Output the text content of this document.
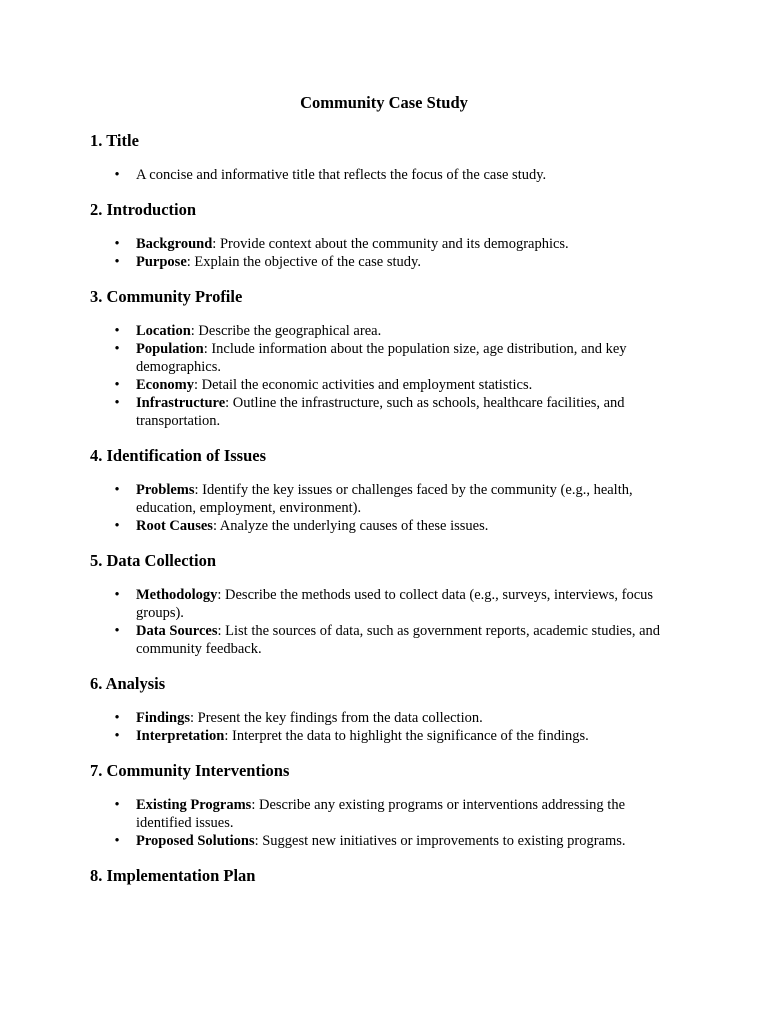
Community Case Study
1. Title
• A concise and informative title that reflects the focus of the case study.
2. Introduction
• Background: Provide context about the community and its demographics.
• Purpose: Explain the objective of the case study.
3. Community Profile
• Location: Describe the geographical area.
• Population: Include information about the population size, age distribution, and key demographics.
• Economy: Detail the economic activities and employment statistics.
• Infrastructure: Outline the infrastructure, such as schools, healthcare facilities, and transportation.
4. Identification of Issues
• Problems: Identify the key issues or challenges faced by the community (e.g., health, education, employment, environment).
• Root Causes: Analyze the underlying causes of these issues.
5. Data Collection
• Methodology: Describe the methods used to collect data (e.g., surveys, interviews, focus groups).
• Data Sources: List the sources of data, such as government reports, academic studies, and community feedback.
6. Analysis
• Findings: Present the key findings from the data collection.
• Interpretation: Interpret the data to highlight the significance of the findings.
7. Community Interventions
• Existing Programs: Describe any existing programs or interventions addressing the identified issues.
• Proposed Solutions: Suggest new initiatives or improvements to existing programs.
8. Implementation Plan
